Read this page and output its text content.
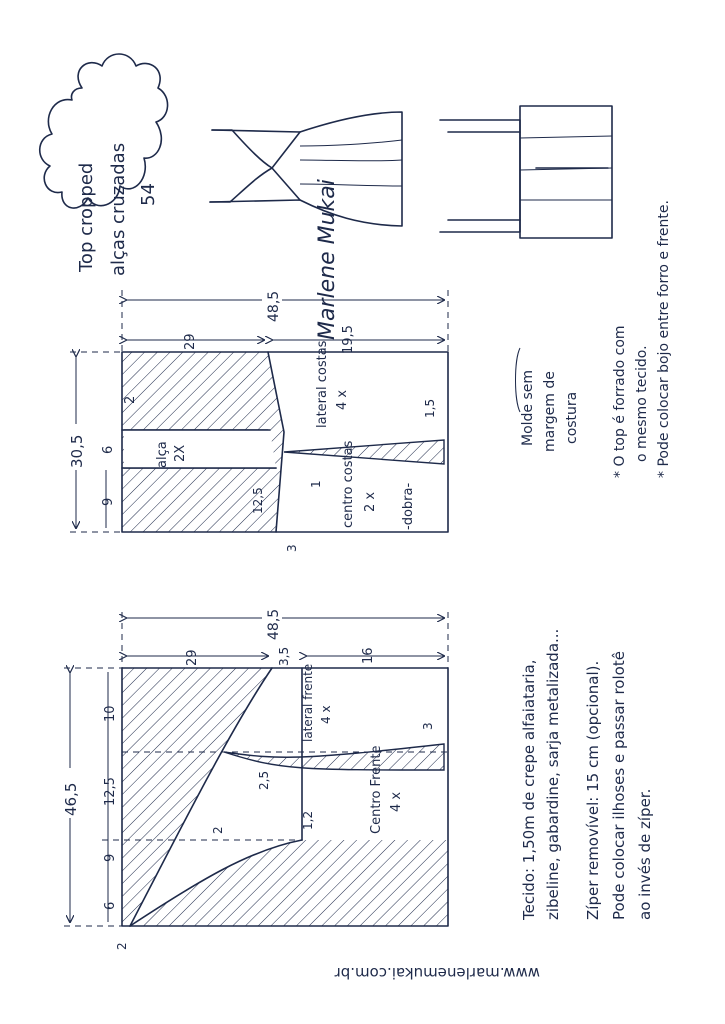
Top cropped alças cruzadas 54	Marlene Mukai
30,5
9
6
2
48,5
29	19,5
12,5
3
1
1,5
alça 2X
lateral costas 4 x
centro costas 2 x -dobra-
46,5
10
12,5
9
6
2
48,5
29	3,5	16
2,5
2
1,2
3
lateral frente 4 x
Centro Frente 4 x
Molde sem margem de costura * O top é forrado com o mesmo tecido. * Pode colocar bojo entre forro e frente.
Tecido: 1,50m de crepe alfaiataria, zibeline, gabardine, sarja metalizada... Zíper removível: 15 cm (opcional). Pode colocar ilhoses e passar rolotê ao invés de zíper.
www.marlenemukai.com.br
